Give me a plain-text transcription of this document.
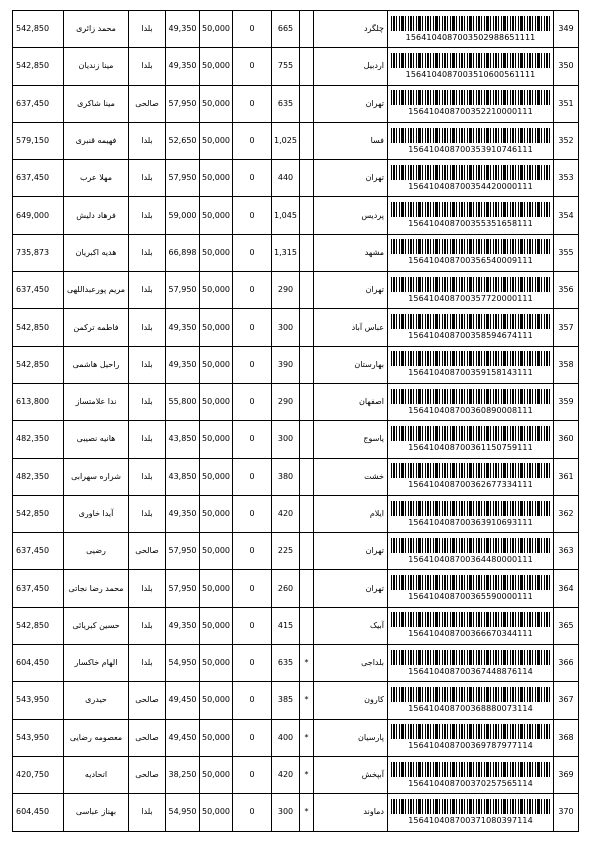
542,850	محمد زائری	بلدا	49,350	50,000	0	665		چلگرد	1564104087003502988651111	349
542,850	مینا زندیان	بلدا	49,350	50,000	0	755		اردبیل	1564104087003510600561111	350
637,450	مینا شاکری	صالحی	57,950	50,000	0	635		تهران	156410408700352210000111	351
579,150	فهیمه قنبری	بلدا	52,650	50,000	0	1,025		فسا	156410408700353910746111	352
637,450	مهلا عرب	بلدا	57,950	50,000	0	440		تهران	156410408700354420000111	353
649,000	فرهاد دلیش	بلدا	59,000	50,000	0	1,045		پردیس	156410408700355351658111	354
735,873	هدیه اکبریان	بلدا	66,898	50,000	0	1,315		مشهد	156410408700356540009111	355
637,450	مریم پورعبداللهی	بلدا	57,950	50,000	0	290		تهران	156410408700357720000111	356
542,850	فاطمه ترکمن	بلدا	49,350	50,000	0	300		عباس آباد	156410408700358594674111	357
542,850	راحیل هاشمی	بلدا	49,350	50,000	0	390		بهارستان	156410408700359158143111	358
613,800	ندا علامتساز	بلدا	55,800	50,000	0	290		اصفهان	156410408700360890008111	359
482,350	هانیه نصیبی	بلدا	43,850	50,000	0	300		یاسوج	156410408700361150759111	360
482,350	شراره سهرابی	بلدا	43,850	50,000	0	380		خشت	156410408700362677334111	361
542,850	آیدا خاوری	بلدا	49,350	50,000	0	420		ایلام	156410408700363910693111	362
637,450	رضیی	صالحی	57,950	50,000	0	225		تهران	156410408700364480000111	363
637,450	محمد رضا نجاتی	بلدا	57,950	50,000	0	260		تهران	156410408700365590000111	364
542,850	حسین کبریائی	بلدا	49,350	50,000	0	415		آبیک	156410408700366670344111	365
604,450	الهام خاکسار	بلدا	54,950	50,000	0	635	*	بلداجی	156410408700367448876114	366
543,950	حیدری	صالحی	49,450	50,000	0	385	*	کارون	156410408700368880073114	367
543,950	معصومه رضایی	صالحی	49,450	50,000	0	400	*	پارسیان	156410408700369787977114	368
420,750	اتحادیه	صالحی	38,250	50,000	0	420	*	آبپخش	156410408700370257565114	369
604,450	بهناز عباسی	بلدا	54,950	50,000	0	300	*	دماوند	156410408700371080397114	370
